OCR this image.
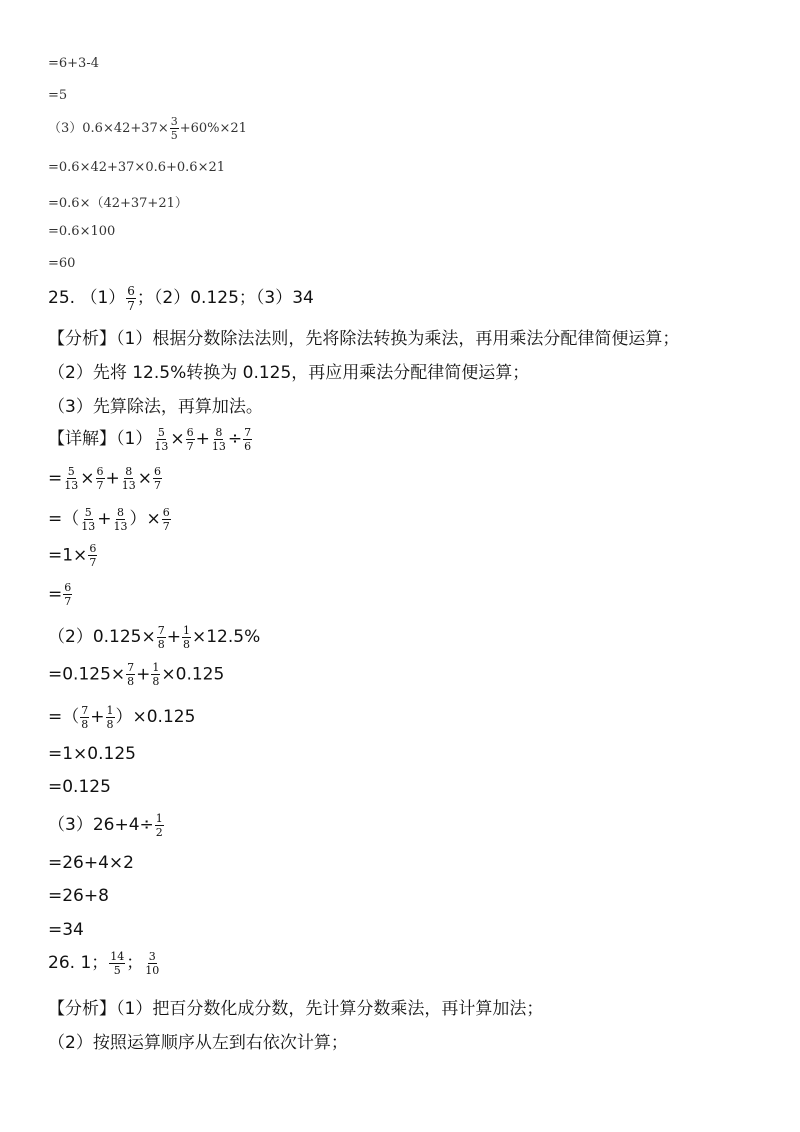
=6+3-4
=5
$(3)0.6\times 42+37\times \frac{3}{5} +60\%\times 21$
=0.6×42+37×0.6+0.6×21
=0.6×（42+37+21）
=0.6×100
=60
25. $(1) \frac{6}{7}$ ；（2）0.125；（3）34
【分析】（1）根据分数除法法则，先将除法转换为乘法，再用乘法分配律简便运算；
（2）先将 12.5%转换为 0.125，再应用乘法分配律简便运算；
（3）先算除法，再算加法。
【详解】$(1) \frac{5}{13} \times \frac{6}{7} + \frac{8}{13} \div \frac{7}{6}$
= $\frac{5}{13} \times \frac{6}{7} + \frac{8}{13} \times \frac{6}{7}$
=（ $\frac{5}{13} + \frac{8}{13}$ ）× $\frac{6}{7}$
$=1\times \frac{6}{7}$
= $\frac{6}{7}$
$(2)0.125\times \frac{7}{8} + \frac{1}{8} \times 12.5\%$
$=0.125\times \frac{7}{8} + \frac{1}{8} \times 0.125$
=（ $\frac{7}{8} + \frac{1}{8} )\times 0.125$
=1×0.125
=0.125
$(3)26+4\div \frac{1}{2}$
=26+4×2
=26+8
=34
26. 1； $\frac{14}{5}$ ； $\frac{3}{10}$
【分析】（1）把百分数化成分数，先计算分数乘法，再计算加法；
（2）按照运算顺序从左到右依次计算；
